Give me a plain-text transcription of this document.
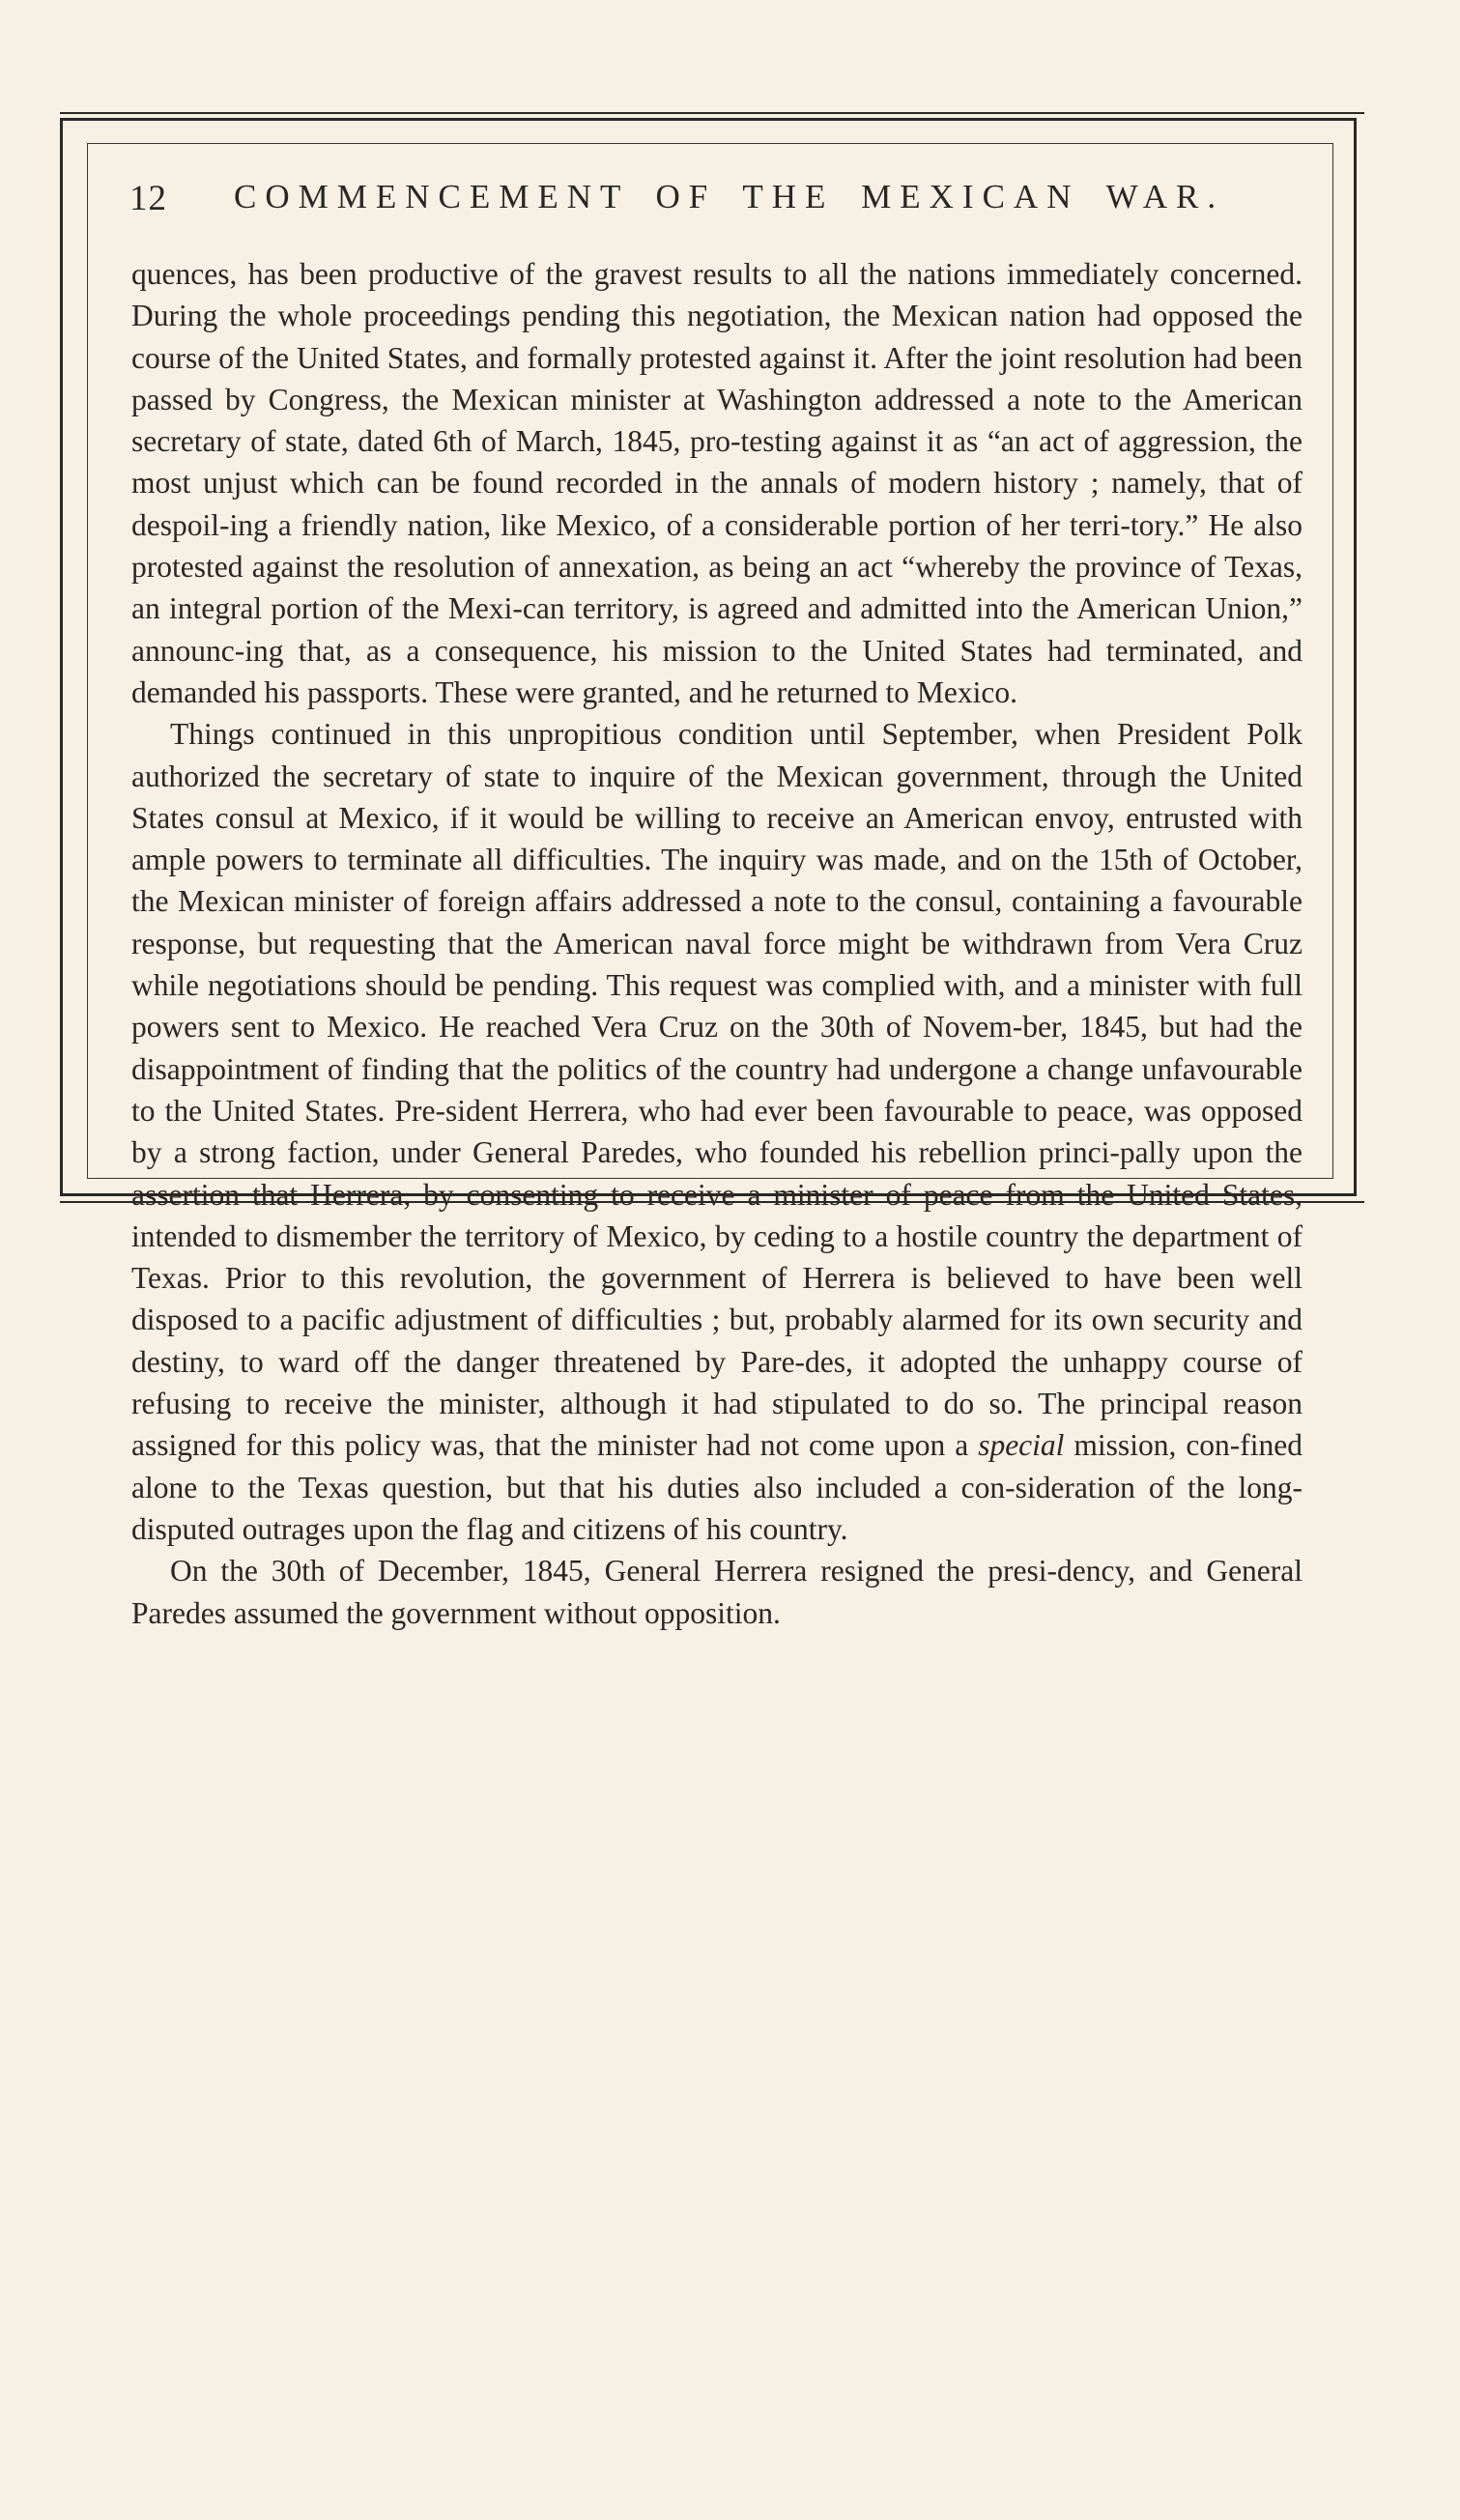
12 COMMENCEMENT OF THE MEXICAN WAR.

quences, has been productive of the gravest results to all the nations immediately concerned. During the whole proceedings pending this negotiation, the Mexican nation had opposed the course of the United States, and formally protested against it. After the joint resolution had been passed by Congress, the Mexican minister at Washington addressed a note to the American secretary of state, dated 6th of March, 1845, pro-testing against it as “an act of aggression, the most unjust which can be found recorded in the annals of modern history ; namely, that of despoil-ing a friendly nation, like Mexico, of a considerable portion of her terri-tory.” He also protested against the resolution of annexation, as being an act “whereby the province of Texas, an integral portion of the Mexi-can territory, is agreed and admitted into the American Union,” announc-ing that, as a consequence, his mission to the United States had terminated, and demanded his passports. These were granted, and he returned to Mexico.

Things continued in this unpropitious condition until September, when President Polk authorized the secretary of state to inquire of the Mexican government, through the United States consul at Mexico, if it would be willing to receive an American envoy, entrusted with ample powers to terminate all difficulties. The inquiry was made, and on the 15th of October, the Mexican minister of foreign affairs addressed a note to the consul, containing a favourable response, but requesting that the American naval force might be withdrawn from Vera Cruz while negotiations should be pending. This request was complied with, and a minister with full powers sent to Mexico. He reached Vera Cruz on the 30th of Novem-ber, 1845, but had the disappointment of finding that the politics of the country had undergone a change unfavourable to the United States. Pre-sident Herrera, who had ever been favourable to peace, was opposed by a strong faction, under General Paredes, who founded his rebellion princi-pally upon the assertion that Herrera, by consenting to receive a minister of peace from the United States, intended to dismember the territory of Mexico, by ceding to a hostile country the department of Texas. Prior to this revolution, the government of Herrera is believed to have been well disposed to a pacific adjustment of difficulties ; but, probably alarmed for its own security and destiny, to ward off the danger threatened by Pare-des, it adopted the unhappy course of refusing to receive the minister, although it had stipulated to do so. The principal reason assigned for this policy was, that the minister had not come upon a special mission, con-fined alone to the Texas question, but that his duties also included a con-sideration of the long-disputed outrages upon the flag and citizens of his country.

On the 30th of December, 1845, General Herrera resigned the presi-dency, and General Paredes assumed the government without opposition.
